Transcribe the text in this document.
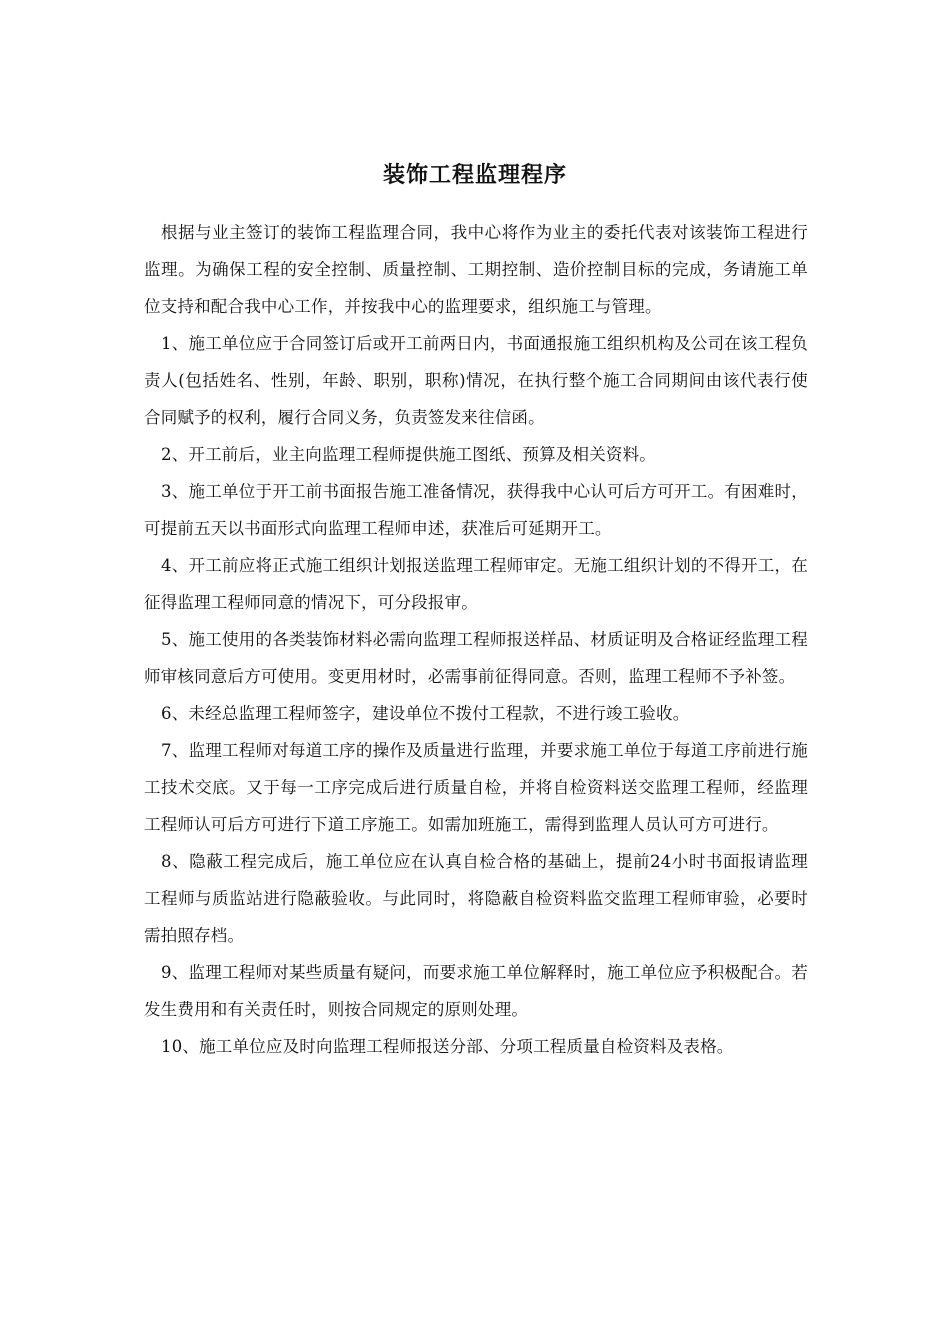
装饰工程监理程序

根据与业主签订的装饰工程监理合同，我中心将作为业主的委托代表对该装饰工程进行监理。为确保工程的安全控制、质量控制、工期控制、造价控制目标的完成，务请施工单位支持和配合我中心工作，并按我中心的监理要求，组织施工与管理。

1、施工单位应于合同签订后或开工前两日内，书面通报施工组织机构及公司在该工程负责人(包括姓名、性别，年龄、职别，职称)情况，在执行整个施工合同期间由该代表行使合同赋予的权利，履行合同义务，负责签发来往信函。

2、开工前后，业主向监理工程师提供施工图纸、预算及相关资料。

3、施工单位于开工前书面报告施工准备情况，获得我中心认可后方可开工。有困难时，可提前五天以书面形式向监理工程师申述，获准后可延期开工。

4、开工前应将正式施工组织计划报送监理工程师审定。无施工组织计划的不得开工，在征得监理工程师同意的情况下，可分段报审。

5、施工使用的各类装饰材料必需向监理工程师报送样品、材质证明及合格证经监理工程师审核同意后方可使用。变更用材时，必需事前征得同意。否则，监理工程师不予补签。

6、未经总监理工程师签字，建设单位不拨付工程款，不进行竣工验收。

7、监理工程师对每道工序的操作及质量进行监理，并要求施工单位于每道工序前进行施工技术交底。又于每一工序完成后进行质量自检，并将自检资料送交监理工程师，经监理工程师认可后方可进行下道工序施工。如需加班施工，需得到监理人员认可方可进行。

8、隐蔽工程完成后，施工单位应在认真自检合格的基础上，提前24小时书面报请监理工程师与质监站进行隐蔽验收。与此同时，将隐蔽自检资料监交监理工程师审验，必要时需拍照存档。

9、监理工程师对某些质量有疑问，而要求施工单位解释时，施工单位应予积极配合。若发生费用和有关责任时，则按合同规定的原则处理。

10、施工单位应及时向监理工程师报送分部、分项工程质量自检资料及表格。
